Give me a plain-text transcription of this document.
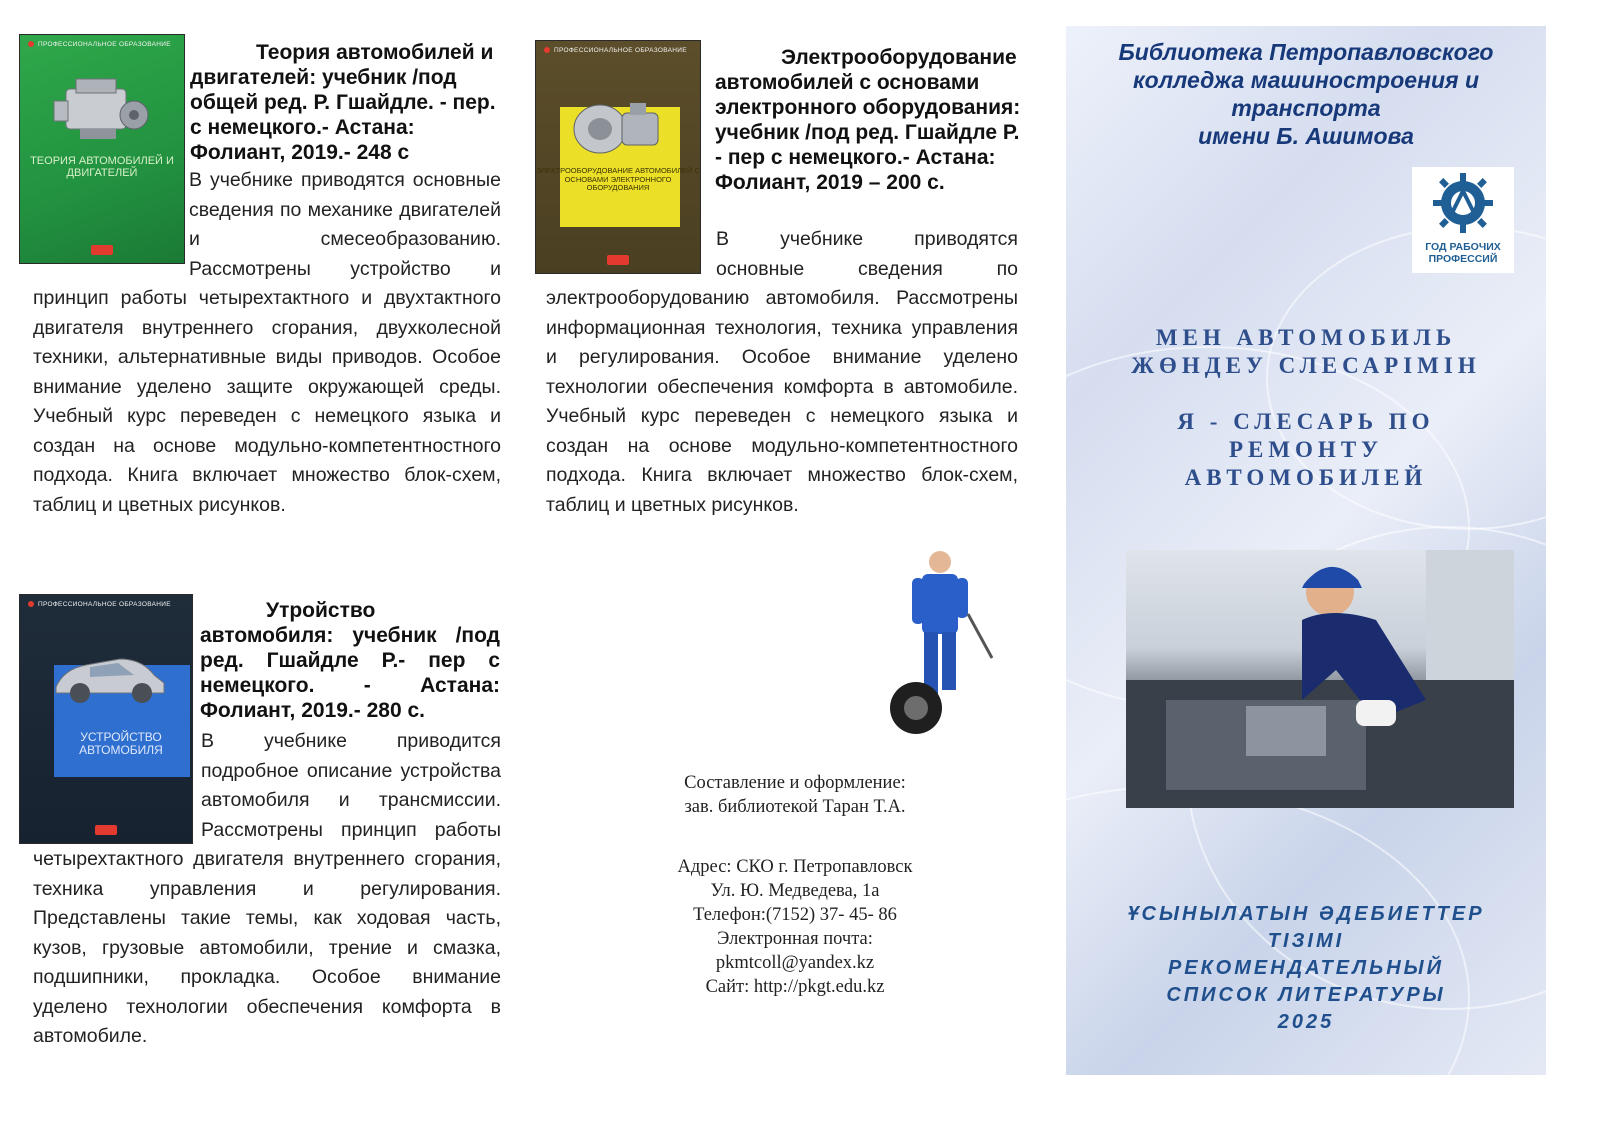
ПРОФЕССИОНАЛЬНОЕ ОБРАЗОВАНИЕ
ТЕОРИЯ АВТОМОБИЛЕЙ И ДВИГАТЕЛЕЙ
Теория автомобилей и двигателей: учебник /под общей ред. Р. Гшайдле. - пер. с немецкого.- Астана: Фолиант, 2019.- 248 с
ПРОФЕССИОНАЛЬНОЕ ОБРАЗОВАНИЕ
ЭЛЕКТРООБОРУДОВАНИЕ АВТОМОБИЛЕЙ С ОСНОВАМИ ЭЛЕКТРОННОГО ОБОРУДОВАНИЯ
Электрооборудование автомобилей с основами электронного оборудования: учебник /под ред. Гшайдле Р. - пер с немецкого.- Астана: Фолиант, 2019 – 200 с.
ПРОФЕССИОНАЛЬНОЕ ОБРАЗОВАНИЕ
УСТРОЙСТВО АВТОМОБИЛЯ
Утройство автомобиля: учебник /под ред. Гшайдле Р.- пер с немецкого. - Астана: Фолиант, 2019.- 280 с.
В учебнике приводятся основные сведения по механике двигателей и смесеобразованию. Рассмотрены устройство и принцип работы четырехтактного и двухтактного двигателя внутреннего сгорания, двухколесной техники, альтернативные виды приводов. Особое внимание уделено защите окружающей среды. Учебный курс переведен с немецкого языка и создан на основе модульно-компетентностного подхода. Книга включает множество блок-схем, таблиц и цветных рисунков.
В учебнике приводятся основные сведения по электрооборудованию автомобиля. Рассмотрены информационная технология, техника управления и регулирования. Особое внимание уделено технологии обеспечения комфорта в автомобиле. Учебный курс переведен с немецкого языка и создан на основе модульно-компетентностного подхода. Книга включает множество блок-схем, таблиц и цветных рисунков.
В учебнике приводится подробное описание устройства автомобиля и трансмиссии. Рассмотрены принцип работы четырехтактного двигателя внутреннего сгорания, техника управления и регулирования. Представлены такие темы, как ходовая часть, кузов, грузовые автомобили, трение и смазка, подшипники, прокладка. Особое внимание уделено технологии обеспечения комфорта в автомобиле.
Составление и оформление:
зав. библиотекой Таран Т.А.
Адрес: СКО г. Петропавловск
Ул. Ю. Медведева, 1а
Телефон:(7152) 37- 45- 86
Электронная почта:
pkmtcoll@yandex.kz
Сайт: http://pkgt.edu.kz
Библиотека Петропавловского
колледжа машиностроения и
транспорта
имени Б. Ашимова
ГОД РАБОЧИХ
ПРОФЕССИЙ
МЕН АВТОМОБИЛЬ
ЖӨНДЕУ СЛЕСАРІМІН
Я - СЛЕСАРЬ ПО
РЕМОНТУ
АВТОМОБИЛЕЙ
ҰСЫНЫЛАТЫН ӘДЕБИЕТТЕР
ТІЗІМІ
РЕКОМЕНДАТЕЛЬНЫЙ
СПИСОК ЛИТЕРАТУРЫ
2025
